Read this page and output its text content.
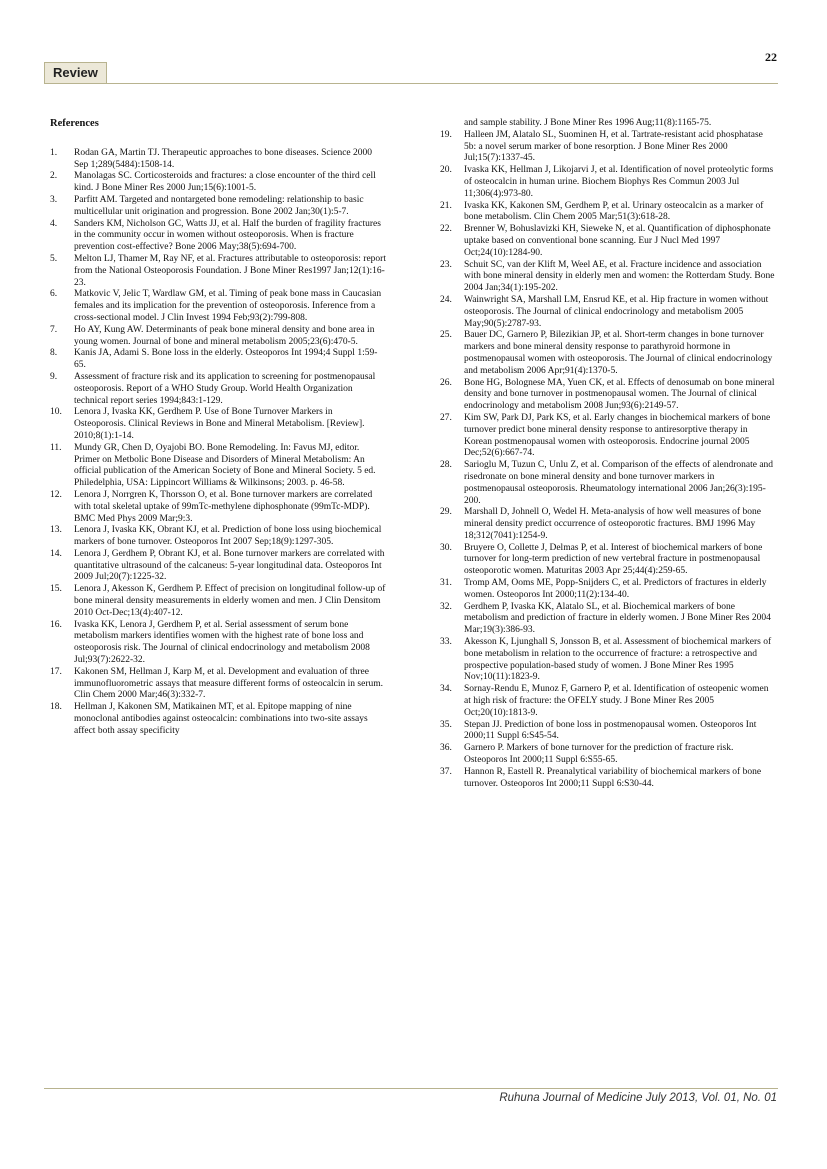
22
Review
References
1.	Rodan GA, Martin TJ. Therapeutic approaches to bone diseases. Science 2000 Sep 1;289(5484):1508-14.
2.	Manolagas SC. Corticosteroids and fractures: a close encounter of the third cell kind. J Bone Miner Res 2000 Jun;15(6):1001-5.
3.	Parfitt AM. Targeted and nontargeted bone remodeling: relationship to basic multicellular unit origination and progression. Bone 2002 Jan;30(1):5-7.
4.	Sanders KM, Nicholson GC, Watts JJ, et al. Half the burden of fragility fractures in the community occur in women without osteoporosis. When is fracture prevention cost-effective? Bone 2006 May;38(5):694-700.
5.	Melton LJ, Thamer M, Ray NF, et al. Fractures attributable to osteoporosis: report from the National Osteoporosis Foundation. J Bone Miner Res1997 Jan;12(1):16-23.
6.	Matkovic V, Jelic T, Wardlaw GM, et al. Timing of peak bone mass in Caucasian females and its implication for the prevention of osteoporosis. Inference from a cross-sectional model. J Clin Invest 1994 Feb;93(2):799-808.
7.	Ho AY, Kung AW. Determinants of peak bone mineral density and bone area in young women. Journal of bone and mineral metabolism 2005;23(6):470-5.
8.	Kanis JA, Adami S. Bone loss in the elderly. Osteoporos Int 1994;4 Suppl 1:59-65.
9.	Assessment of fracture risk and its application to screening for postmenopausal osteoporosis. Report of a WHO Study Group. World Health Organization technical report series 1994;843:1-129.
10.	Lenora J, Ivaska KK, Gerdhem P. Use of Bone Turnover Markers in Osteoporosis. Clinical Reviews in Bone and Mineral Metabolism. [Review]. 2010;8(1):1-14.
11.	Mundy GR, Chen D, Oyajobi BO. Bone Remodeling. In: Favus MJ, editor. Primer on Metbolic Bone Disease and Disorders of Mineral Metabolism: An official publication of the American Society of Bone and Mineral Society. 5 ed. Philedelphia, USA: Lippincort Williams & Wilkinsons; 2003. p. 46-58.
12.	Lenora J, Norrgren K, Thorsson O, et al. Bone turnover markers are correlated with total skeletal uptake of 99mTc-methylene diphosphonate (99mTc-MDP). BMC Med Phys 2009 Mar;9:3.
13.	Lenora J, Ivaska KK, Obrant KJ, et al. Prediction of bone loss using biochemical markers of bone turnover. Osteoporos Int 2007 Sep;18(9):1297-305.
14.	Lenora J, Gerdhem P, Obrant KJ, et al. Bone turnover markers are correlated with quantitative ultrasound of the calcaneus: 5-year longitudinal data. Osteoporos Int 2009 Jul;20(7):1225-32.
15.	Lenora J, Akesson K, Gerdhem P. Effect of precision on longitudinal follow-up of bone mineral density measurements in elderly women and men. J Clin Densitom 2010 Oct-Dec;13(4):407-12.
16.	Ivaska KK, Lenora J, Gerdhem P, et al. Serial assessment of serum bone metabolism markers identifies women with the highest rate of bone loss and osteoporosis risk. The Journal of clinical endocrinology and metabolism 2008 Jul;93(7):2622-32.
17.	Kakonen SM, Hellman J, Karp M, et al. Development and evaluation of three immunofluorometric assays that measure different forms of osteocalcin in serum. Clin Chem 2000 Mar;46(3):332-7.
18.	Hellman J, Kakonen SM, Matikainen MT, et al. Epitope mapping of nine monoclonal antibodies against osteocalcin: combinations into two-site assays affect both assay specificity
and sample stability. J Bone Miner Res 1996 Aug;11(8):1165-75.
19.	Halleen JM, Alatalo SL, Suominen H, et al. Tartrate-resistant acid phosphatase 5b: a novel serum marker of bone resorption. J Bone Miner Res 2000 Jul;15(7):1337-45.
20.	Ivaska KK, Hellman J, Likojarvi J, et al. Identification of novel proteolytic forms of osteocalcin in human urine. Biochem Biophys Res Commun 2003 Jul 11;306(4):973-80.
21.	Ivaska KK, Kakonen SM, Gerdhem P, et al. Urinary osteocalcin as a marker of bone metabolism. Clin Chem 2005 Mar;51(3):618-28.
22.	Brenner W, Bohuslavizki KH, Sieweke N, et al. Quantification of diphosphonate uptake based on conventional bone scanning. Eur J Nucl Med 1997 Oct;24(10):1284-90.
23.	Schuit SC, van der Klift M, Weel AE, et al. Fracture incidence and association with bone mineral density in elderly men and women: the Rotterdam Study. Bone 2004 Jan;34(1):195-202.
24.	Wainwright SA, Marshall LM, Ensrud KE, et al. Hip fracture in women without osteoporosis. The Journal of clinical endocrinology and metabolism 2005 May;90(5):2787-93.
25.	Bauer DC, Garnero P, Bilezikian JP, et al. Short-term changes in bone turnover markers and bone mineral density response to parathyroid hormone in postmenopausal women with osteoporosis. The Journal of clinical endocrinology and metabolism 2006 Apr;91(4):1370-5.
26.	Bone HG, Bolognese MA, Yuen CK, et al. Effects of denosumab on bone mineral density and bone turnover in postmenopausal women. The Journal of clinical endocrinology and metabolism 2008 Jun;93(6):2149-57.
27.	Kim SW, Park DJ, Park KS, et al. Early changes in biochemical markers of bone turnover predict bone mineral density response to antiresorptive therapy in Korean postmenopausal women with osteoporosis. Endocrine journal 2005 Dec;52(6):667-74.
28.	Sarioglu M, Tuzun C, Unlu Z, et al. Comparison of the effects of alendronate and risedronate on bone mineral density and bone turnover markers in postmenopausal osteoporosis. Rheumatology international 2006 Jan;26(3):195-200.
29.	Marshall D, Johnell O, Wedel H. Meta-analysis of how well measures of bone mineral density predict occurrence of osteoporotic fractures. BMJ 1996 May 18;312(7041):1254-9.
30.	Bruyere O, Collette J, Delmas P, et al. Interest of biochemical markers of bone turnover for long-term prediction of new vertebral fracture in postmenopausal osteoporotic women. Maturitas 2003 Apr 25;44(4):259-65.
31.	Tromp AM, Ooms ME, Popp-Snijders C, et al. Predictors of fractures in elderly women. Osteoporos Int 2000;11(2):134-40.
32.	Gerdhem P, Ivaska KK, Alatalo SL, et al. Biochemical markers of bone metabolism and prediction of fracture in elderly women. J Bone Miner Res 2004 Mar;19(3):386-93.
33.	Akesson K, Ljunghall S, Jonsson B, et al. Assessment of biochemical markers of bone metabolism in relation to the occurrence of fracture: a retrospective and prospective population-based study of women. J Bone Miner Res 1995 Nov;10(11):1823-9.
34.	Sornay-Rendu E, Munoz F, Garnero P, et al. Identification of osteopenic women at high risk of fracture: the OFELY study. J Bone Miner Res 2005 Oct;20(10):1813-9.
35.	Stepan JJ. Prediction of bone loss in postmenopausal women. Osteoporos Int 2000;11 Suppl 6:S45-54.
36.	Garnero P. Markers of bone turnover for the prediction of fracture risk. Osteoporos Int 2000;11 Suppl 6:S55-65.
37.	Hannon R, Eastell R. Preanalytical variability of biochemical markers of bone turnover. Osteoporos Int 2000;11 Suppl 6:S30-44.
Ruhuna Journal of Medicine July 2013, Vol. 01, No. 01
